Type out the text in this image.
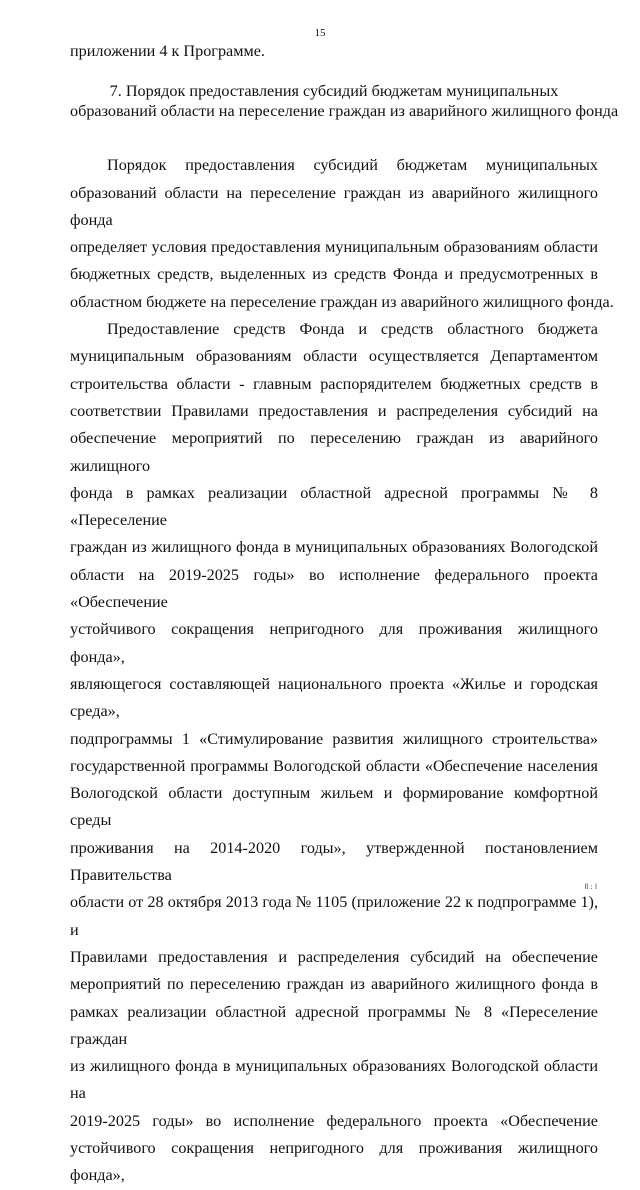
15

приложении 4 к Программе.

7. Порядок предоставления субсидий бюджетам муниципальных

образований области на переселение граждан из аварийного жилищного фонда

Порядок предоставления субсидий бюджетам муниципальных

образований области на переселение граждан из аварийного жилищного фонда

определяет условия предоставления муниципальным образованиям области

бюджетных средств, выделенных из средств Фонда и предусмотренных в

областном бюджете на переселение граждан из аварийного жилищного фонда.

Предоставление средств Фонда и средств областного бюджета

муниципальным образованиям области осуществляется Департаментом

строительства области - главным распорядителем бюджетных средств в

соответствии Правилами предоставления и распределения субсидий на

обеспечение мероприятий по переселению граждан из аварийного жилищного

фонда в рамках реализации областной адресной программы № 8 «Переселение

граждан из жилищного фонда в муниципальных образованиях Вологодской

области на 2019-2025 годы» во исполнение федерального проекта «Обеспечение

устойчивого сокращения непригодного для проживания жилищного фонда»,

являющегося составляющей национального проекта «Жилье и городская среда»,

подпрограммы 1 «Стимулирование развития жилищного строительства»

государственной программы Вологодской области «Обеспечение населения

Вологодской области доступным жильем и формирование комфортной среды

проживания на 2014-2020 годы», утвержденной постановлением Правительства

области от 28 октября 2013 года № 1105 (приложение 22 к подпрограмме 1), и

Правилами предоставления и распределения субсидий на обеспечение

мероприятий по переселению граждан из аварийного жилищного фонда в

рамках реализации областной адресной программы № 8 «Переселение граждан

из жилищного фонда в муниципальных образованиях Вологодской области на

2019-2025 годы» во исполнение федерального проекта «Обеспечение

устойчивого сокращения непригодного для проживания жилищного фонда»,

ll : l
